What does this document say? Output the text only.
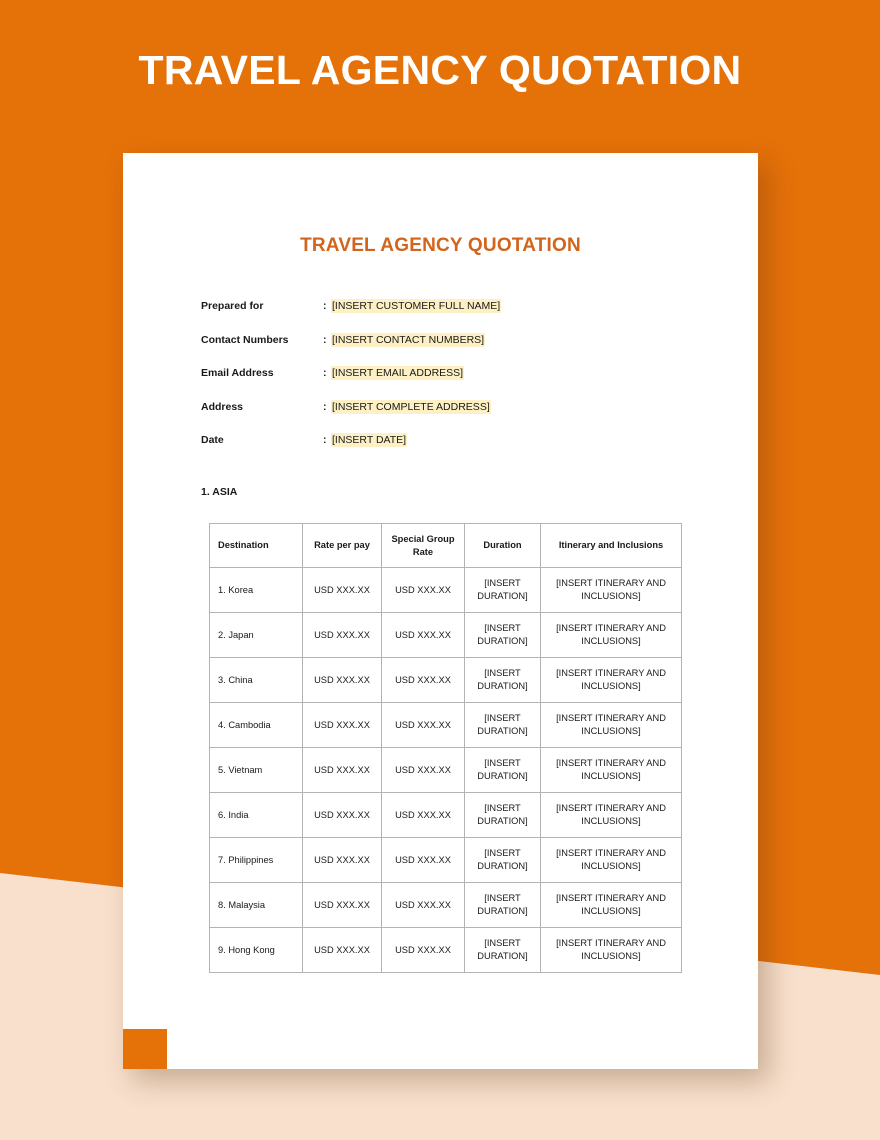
TRAVEL AGENCY QUOTATION
TRAVEL AGENCY QUOTATION
Prepared for	: [INSERT CUSTOMER FULL NAME]
Contact Numbers	: [INSERT CONTACT NUMBERS]
Email Address	: [INSERT EMAIL ADDRESS]
Address	: [INSERT COMPLETE ADDRESS]
Date	: [INSERT DATE]
1. ASIA
Destination	Rate per pay	Special Group Rate	Duration	Itinerary and Inclusions
1. Korea	USD XXX.XX	USD XXX.XX	[INSERT DURATION]	[INSERT ITINERARY AND INCLUSIONS]
2. Japan	USD XXX.XX	USD XXX.XX	[INSERT DURATION]	[INSERT ITINERARY AND INCLUSIONS]
3. China	USD XXX.XX	USD XXX.XX	[INSERT DURATION]	[INSERT ITINERARY AND INCLUSIONS]
4. Cambodia	USD XXX.XX	USD XXX.XX	[INSERT DURATION]	[INSERT ITINERARY AND INCLUSIONS]
5. Vietnam	USD XXX.XX	USD XXX.XX	[INSERT DURATION]	[INSERT ITINERARY AND INCLUSIONS]
6. India	USD XXX.XX	USD XXX.XX	[INSERT DURATION]	[INSERT ITINERARY AND INCLUSIONS]
7. Philippines	USD XXX.XX	USD XXX.XX	[INSERT DURATION]	[INSERT ITINERARY AND INCLUSIONS]
8. Malaysia	USD XXX.XX	USD XXX.XX	[INSERT DURATION]	[INSERT ITINERARY AND INCLUSIONS]
9. Hong Kong	USD XXX.XX	USD XXX.XX	[INSERT DURATION]	[INSERT ITINERARY AND INCLUSIONS]
